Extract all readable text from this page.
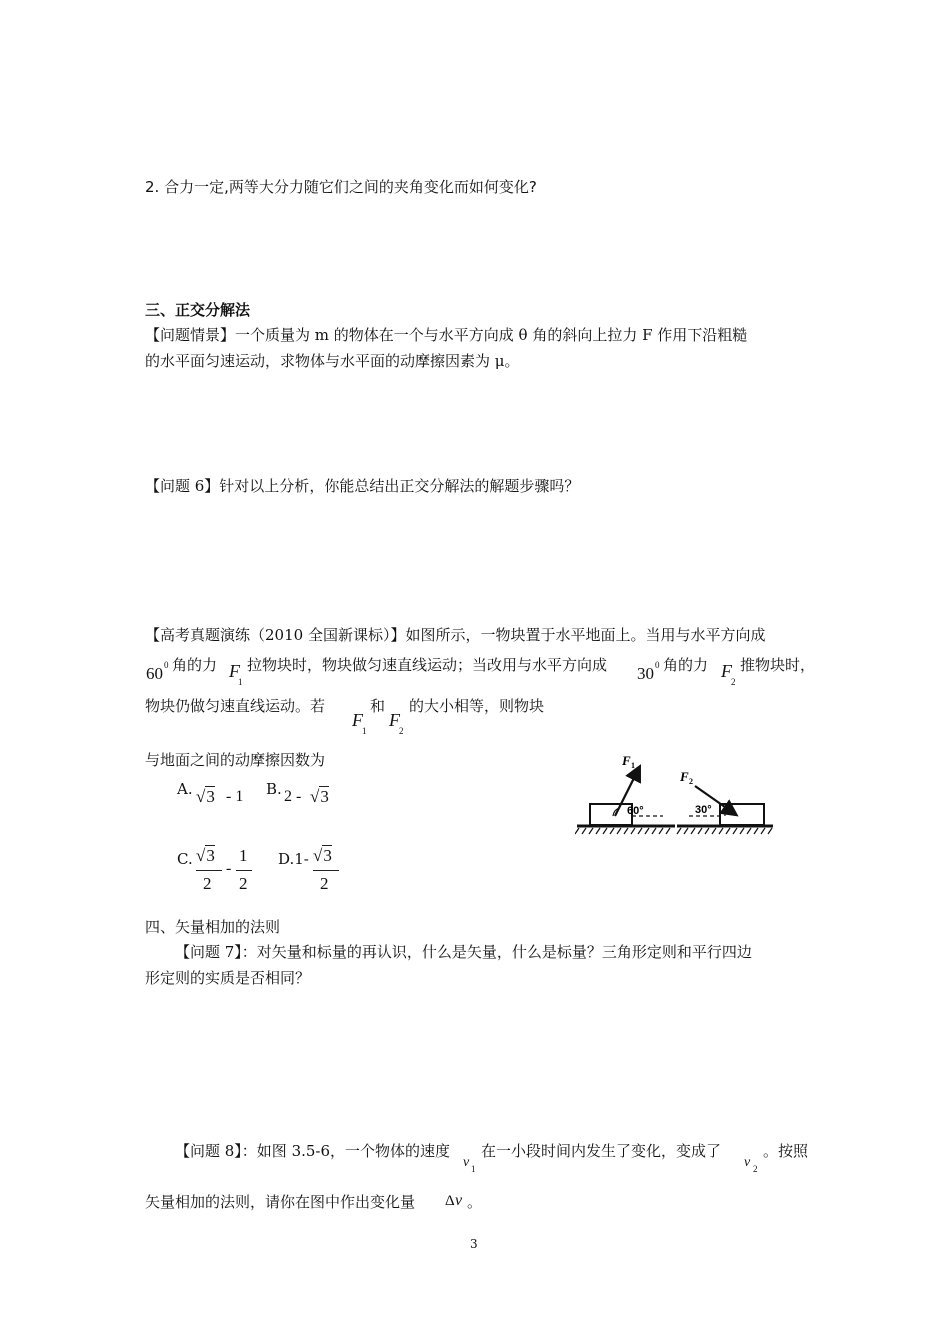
2. 合力一定,两等大分力随它们之间的夹角变化而如何变化?
三、正交分解法
【问题情景】一个质量为 m 的物体在一个与水平方向成 θ 角的斜向上拉力 F 作用下沿粗糙
的水平面匀速运动，求物体与水平面的动摩擦因素为 μ。
【问题 6】针对以上分析，你能总结出正交分解法的解题步骤吗？
【高考真题演练（2010 全国新课标）】如图所示，一物块置于水平地面上。当用与水平方向成
60 0 角的力 F
1
拉物块时，物块做匀速直线运动；当改用与水平方向成 30 0 角的力 F
2
推物块时，
物块仍做匀速直线运动。若
F
1
和
F
2
的大小相等，则物块
与地面之间的动摩擦因数为
A. √3 - 1 B. 2 - √3
C. √3
2
-
1
2
D.1- √3
2
F 1
60°
F 2
30°
四、矢量相加的法则
【问题 7】：对矢量和标量的再认识，什么是矢量，什么是标量？三角形定则和平行四边
形定则的实质是否相同？
【问题 8】：如图 3.5-6，一个物体的速度
v 1
在一小段时间内发生了变化，变成了
v 2
。按照
矢量相加的法则，请你在图中作出变化量 Δ v 。
3
